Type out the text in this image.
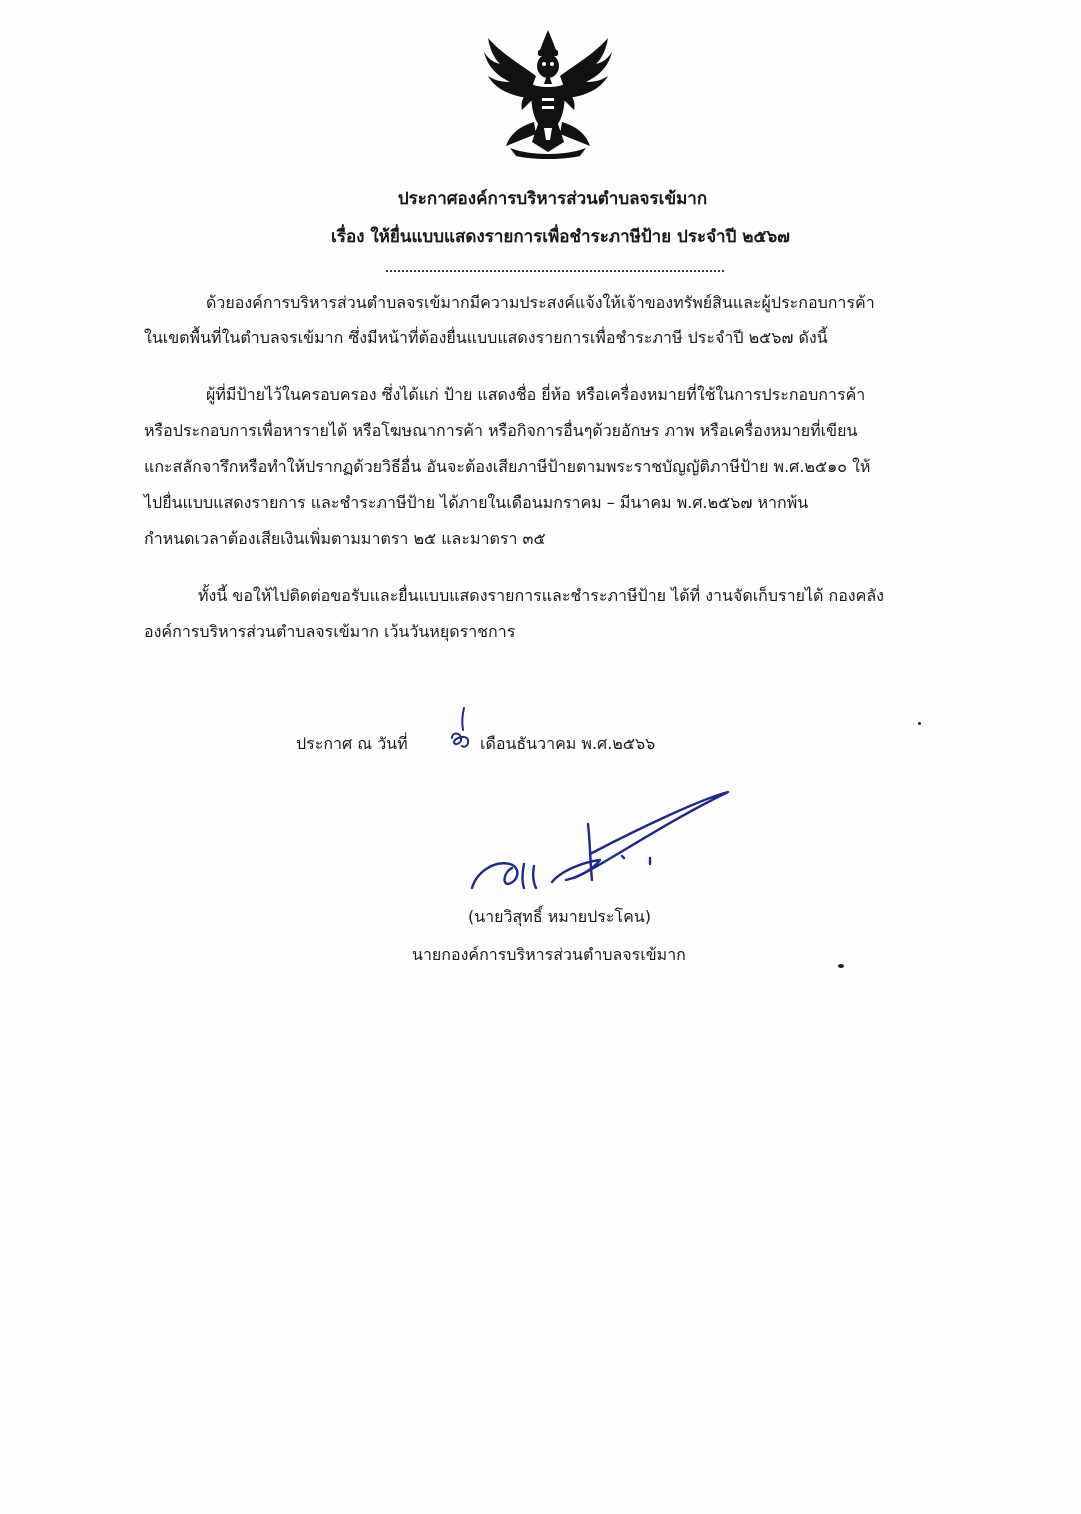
ประกาศองค์การบริหารส่วนตำบลจรเข้มาก
เรื่อง ให้ยื่นแบบแสดงรายการเพื่อชำระภาษีป้าย ประจำปี ๒๕๖๗
ด้วยองค์การบริหารส่วนตำบลจรเข้มากมีความประสงค์แจ้งให้เจ้าของทรัพย์สินและผู้ประกอบการค้า
ในเขตพื้นที่ในตำบลจรเข้มาก ซึ่งมีหน้าที่ต้องยื่นแบบแสดงรายการเพื่อชำระภาษี ประจำปี ๒๕๖๗ ดังนี้
ผู้ที่มีป้ายไว้ในครอบครอง ซึ่งได้แก่ ป้าย แสดงชื่อ ยี่ห้อ หรือเครื่องหมายที่ใช้ในการประกอบการค้า
หรือประกอบการเพื่อหารายได้ หรือโฆษณาการค้า หรือกิจการอื่นๆด้วยอักษร ภาพ หรือเครื่องหมายที่เขียน
แกะสลักจารึกหรือทำให้ปรากฏด้วยวิธีอื่น อันจะต้องเสียภาษีป้ายตามพระราชบัญญัติภาษีป้าย พ.ศ.๒๕๑๐ ให้
ไปยื่นแบบแสดงรายการ และชำระภาษีป้าย ได้ภายในเดือนมกราคม – มีนาคม พ.ศ.๒๕๖๗ หากพ้น
กำหนดเวลาต้องเสียเงินเพิ่มตามมาตรา ๒๕ และมาตรา ๓๕
ทั้งนี้ ขอให้ไปติดต่อขอรับและยื่นแบบแสดงรายการและชำระภาษีป้าย ได้ที่ งานจัดเก็บรายได้ กองคลัง
องค์การบริหารส่วนตำบลจรเข้มาก เว้นวันหยุดราชการ
ประกาศ ณ วันที่	เดือนธันวาคม พ.ศ.๒๕๖๖
(นายวิสุทธิ์ หมายประโคน)
นายกองค์การบริหารส่วนตำบลจรเข้มาก
